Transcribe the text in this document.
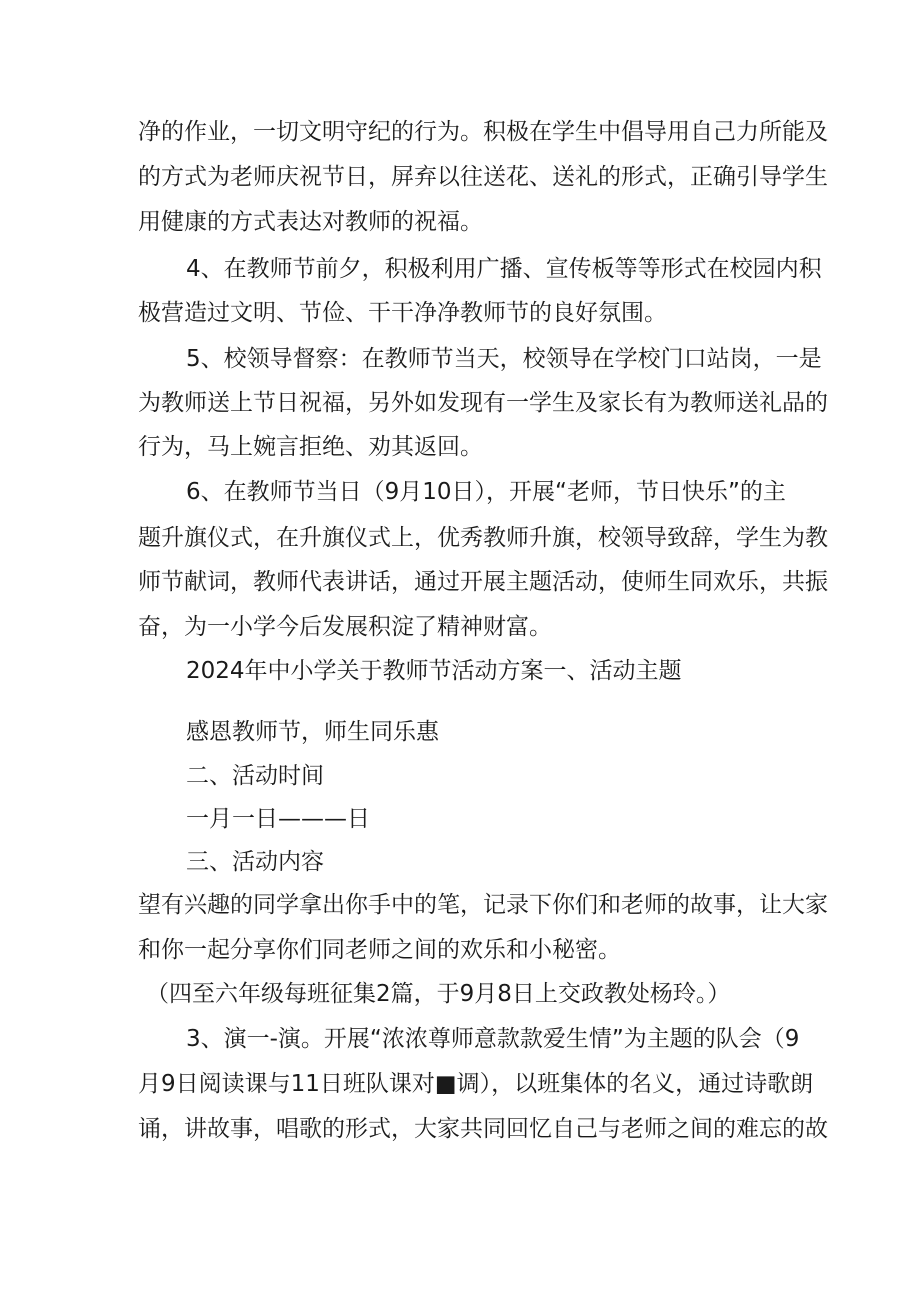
净的作业，一切文明守纪的行为。积极在学生中倡导用自己力所能及
的方式为老师庆祝节日，屏弃以往送花、送礼的形式，正确引导学生
用健康的方式表达对教师的祝福。
4、在教师节前夕，积极利用广播、宣传板等等形式在校园内积
极营造过文明、节俭、干干净净教师节的良好氛围。
5、校领导督察：在教师节当天，校领导在学校门口站岗，一是
为教师送上节日祝福，另外如发现有一学生及家长有为教师送礼品的
行为，马上婉言拒绝、劝其返回。
6、在教师节当日（9月10日），开展“老师，节日快乐”的主
题升旗仪式，在升旗仪式上，优秀教师升旗，校领导致辞，学生为教
师节献词，教师代表讲话，通过开展主题活动，使师生同欢乐，共振
奋，为一小学今后发展积淀了精神财富。
2024年中小学关于教师节活动方案一、活动主题
感恩教师节，师生同乐惠
二、活动时间
一月一日———日
三、活动内容
望有兴趣的同学拿出你手中的笔，记录下你们和老师的故事，让大家
和你一起分享你们同老师之间的欢乐和小秘密。
（四至六年级每班征集2篇，于9月8日上交政教处杨玲。）
3、演一-演。开展“浓浓尊师意款款爱生情”为主题的队会（9
月9日阅读课与11日班队课对■调），以班集体的名义，通过诗歌朗
诵，讲故事，唱歌的形式，大家共同回忆自己与老师之间的难忘的故
